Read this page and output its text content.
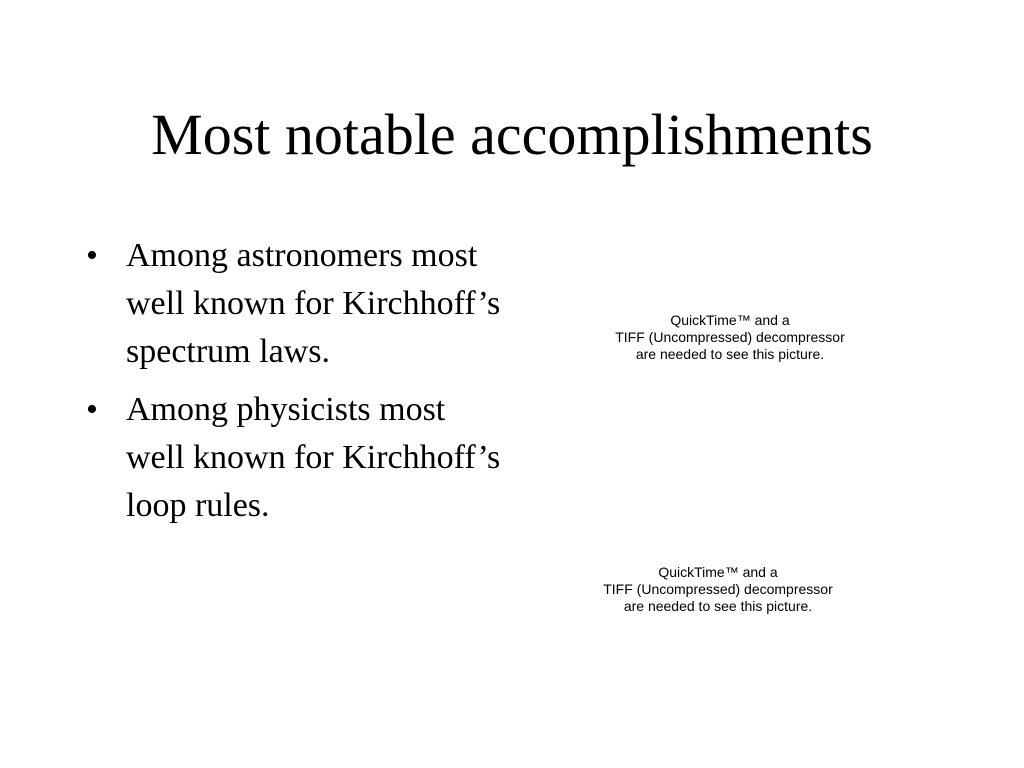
Most notable accomplishments
• Among astronomers most well known for Kirchhoff’s spectrum laws.
• Among physicists most well known for Kirchhoff’s loop rules.
QuickTime™ and a
TIFF (Uncompressed) decompressor
are needed to see this picture.
QuickTime™ and a
TIFF (Uncompressed) decompressor
are needed to see this picture.
